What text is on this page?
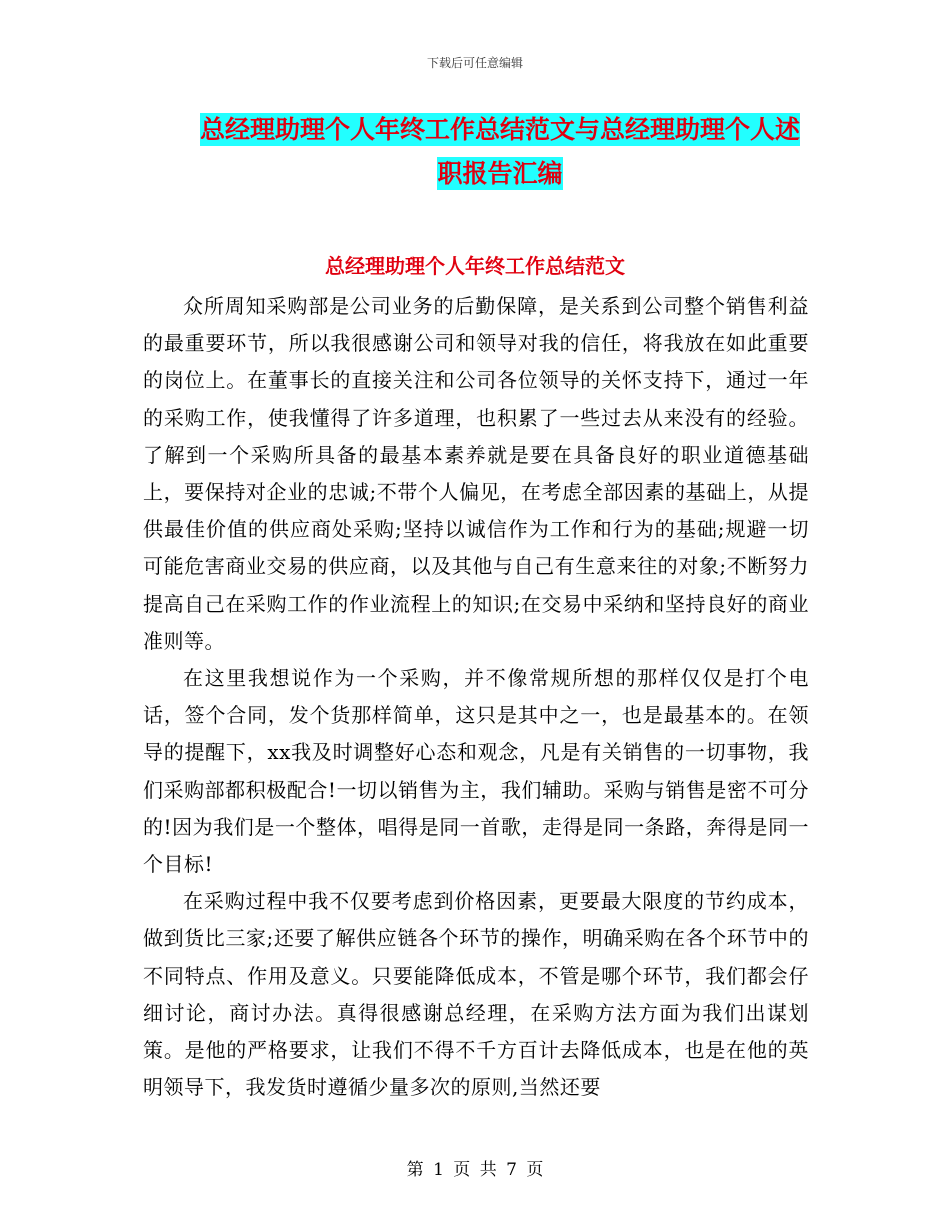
下载后可任意编辑
总经理助理个人年终工作总结范文与总经理助理个人述职报告汇编
总经理助理个人年终工作总结范文

众所周知采购部是公司业务的后勤保障，是关系到公司整个销售利益的最重要环节，所以我很感谢公司和领导对我的信任，将我放在如此重要的岗位上。在董事长的直接关注和公司各位领导的关怀支持下，通过一年的采购工作，使我懂得了许多道理，也积累了一些过去从来没有的经验。了解到一个采购所具备的最基本素养就是要在具备良好的职业道德基础上，要保持对企业的忠诚;不带个人偏见，在考虑全部因素的基础上，从提供最佳价值的供应商处采购;坚持以诚信作为工作和行为的基础;规避一切可能危害商业交易的供应商，以及其他与自己有生意来往的对象;不断努力提高自己在采购工作的作业流程上的知识;在交易中采纳和坚持良好的商业准则等。

在这里我想说作为一个采购，并不像常规所想的那样仅仅是打个电话，签个合同，发个货那样简单，这只是其中之一，也是最基本的。在领导的提醒下，xx我及时调整好心态和观念，凡是有关销售的一切事物，我们采购部都积极配合!一切以销售为主，我们辅助。采购与销售是密不可分的!因为我们是一个整体，唱得是同一首歌，走得是同一条路，奔得是同一个目标!

在采购过程中我不仅要考虑到价格因素，更要最大限度的节约成本，做到货比三家;还要了解供应链各个环节的操作，明确采购在各个环节中的不同特点、作用及意义。只要能降低成本，不管是哪个环节，我们都会仔细讨论，商讨办法。真得很感谢总经理，在采购方法方面为我们出谋划策。是他的严格要求，让我们不得不千方百计去降低成本，也是在他的英明领导下，我发货时遵循少量多次的原则,当然还要

第 1 页 共 7 页
